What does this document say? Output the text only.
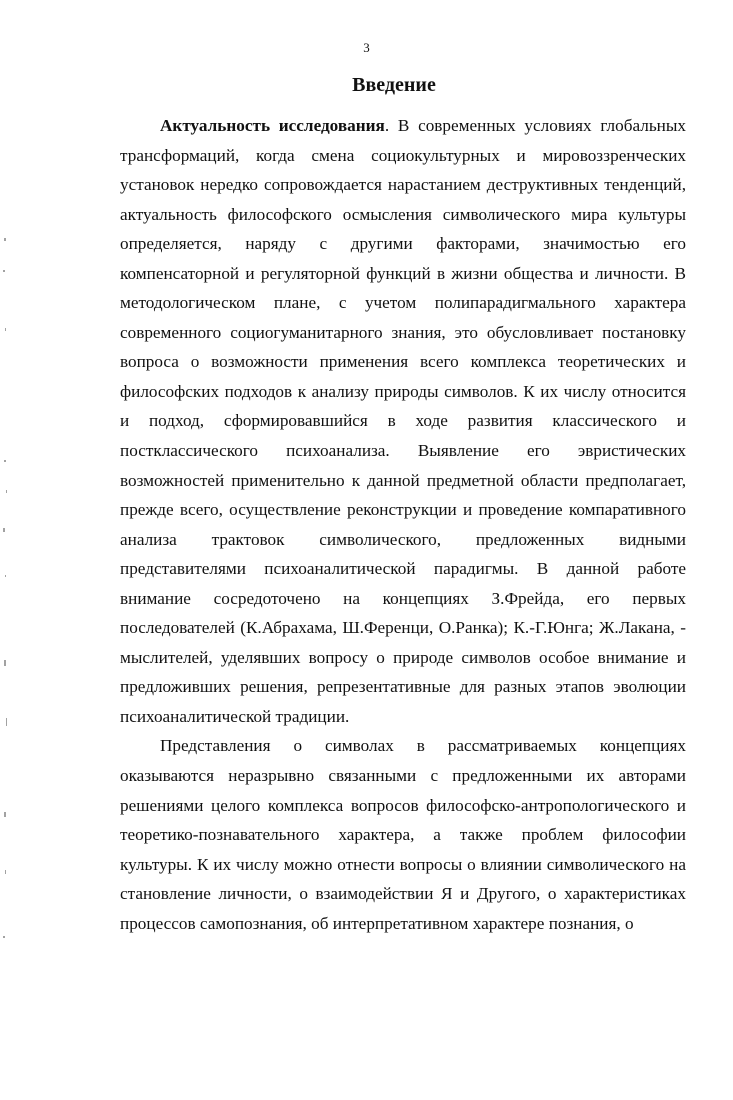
3
Введение

Актуальность исследования. В современных условиях глобальных трансформаций, когда смена социокультурных и мировоззренческих установок нередко сопровождается нарастанием деструктивных тенденций, актуальность философского осмысления символического мира культуры определяется, наряду с другими факторами, значимостью его компенсаторной и регуляторной функций в жизни общества и личности. В методологическом плане, с учетом полипарадигмального характера современного социогуманитарного знания, это обусловливает постановку вопроса о возможности применения всего комплекса теоретических и философских подходов к анализу природы символов. К их числу относится и подход, сформировавшийся в ходе развития классического и постклассического психоанализа. Выявление его эвристических возможностей применительно к данной предметной области предполагает, прежде всего, осуществление реконструкции и проведение компаративного анализа трактовок символического, предложенных видными представителями психоаналитической парадигмы. В данной работе внимание сосредоточено на концепциях З.Фрейда, его первых последователей (К.Абрахама, Ш.Ференци, О.Ранка); К.-Г.Юнга; Ж.Лакана, - мыслителей, уделявших вопросу о природе символов особое внимание и предложивших решения, репрезентативные для разных этапов эволюции психоаналитической традиции.

Представления о символах в рассматриваемых концепциях оказываются неразрывно связанными с предложенными их авторами решениями целого комплекса вопросов философско-антропологического и теоретико-познавательного характера, а также проблем философии культуры. К их числу можно отнести вопросы о влиянии символического на становление личности, о взаимодействии Я и Другого, о характеристиках процессов самопознания, об интерпретативном характере познания, о
